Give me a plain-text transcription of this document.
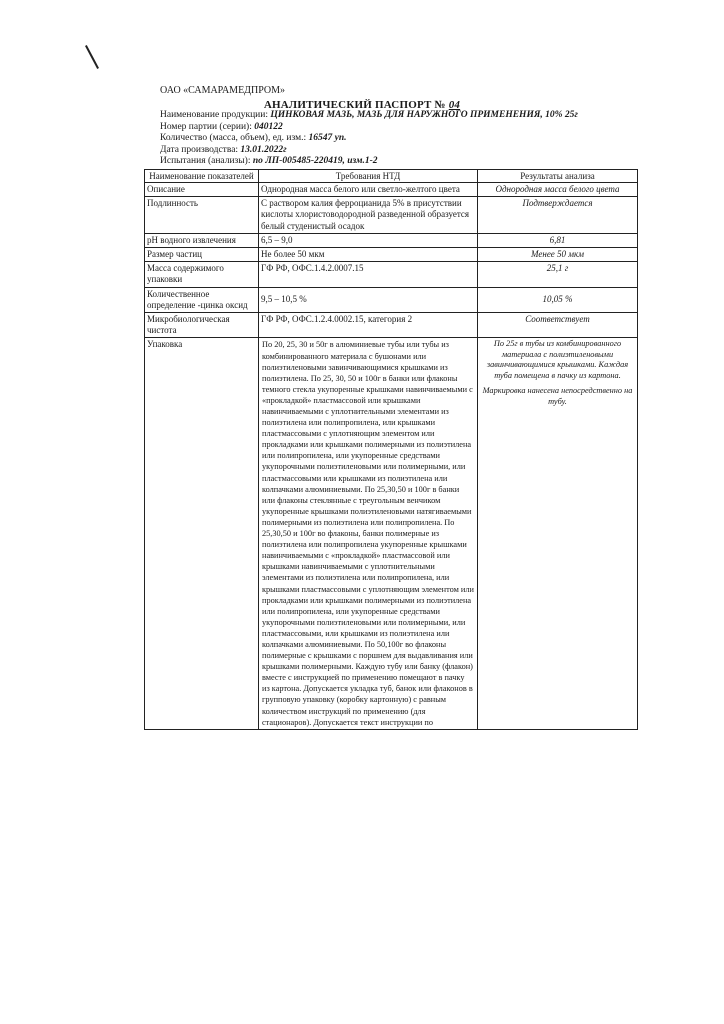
ОАО «САМАРАМЕДПРОМ»
АНАЛИТИЧЕСКИЙ ПАСПОРТ № 04
Наименование продукции: ЦИНКОВАЯ МАЗЬ, МАЗЬ ДЛЯ НАРУЖНОГО ПРИМЕНЕНИЯ, 10% 25г
Номер партии (серии): 040122
Количество (масса, объем), ед. изм.: 16547 уп.
Дата производства: 13.01.2022г
Испытания (анализы): по ЛП-005485-220419, изм.1-2
Наименование показателей	Требования НТД	Результаты анализа
Описание	Однородная масса белого или светло-желтого цвета	Однородная масса белого цвета
Подлинность	С раствором калия ферроцианида 5% в присутствии кислоты хлористоводородной разведенной образуется белый студенистый осадок	Подтверждается
pH водного извлечения	6,5 – 9,0	6,81
Размер частиц	Не более 50 мкм	Менее 50 мкм
Масса содержимого упаковки	ГФ РФ, ОФС.1.4.2.0007.15	25,1 г
Количественное определение -цинка оксид	9,5 – 10,5 %	10,05 %
Микробиологическая чистота	ГФ РФ, ОФС.1.2.4.0002.15, категория 2	Соответствует
Упаковка	По 20, 25, 30 и 50г в алюминиевые тубы или тубы из комбинированного материала с бушонами или полиэтиленовыми завинчивающимися крышками из полиэтилена. По 25, 30, 50 и 100г в банки или флаконы темного стекла укупоренные крышками навинчиваемыми с «прокладкой» пластмассовой или крышками навинчиваемыми с уплотнительными элементами из полиэтилена или полипропилена, или крышками пластмассовыми с уплотняющим элементом или прокладками или крышками полимерными из полиэтилена или полипропилена, или укупоренные средствами укупорочными полиэтиленовыми или полимерными, или пластмассовыми или крышками из полиэтилена или колпачками алюминиевыми. По 25,30,50 и 100г в банки или флаконы стеклянные с треугольным венчиком укупоренные крышками полиэтиленовыми натягиваемыми полимерными из полиэтилена или полипропилена. По 25,30,50 и 100г во флаконы, банки полимерные из полиэтилена или полипропилена укупоренные крышками навинчиваемыми с «прокладкой» пластмассовой или крышками навинчиваемыми с уплотнительными элементами из полиэтилена или полипропилена, или крышками пластмассовыми с уплотняющим элементом или прокладками или крышками полимерными из полиэтилена или полипропилена, или укупоренные средствами укупорочными полиэтиленовыми или полимерными, или пластмассовыми, или крышками из полиэтилена или колпачками алюминиевыми. По 50,100г во флаконы полимерные с крышками с поршнем для выдавливания или крышками полимерными. Каждую тубу или банку (флакон) вместе с инструкцией по применению помещают в пачку из картона. Допускается укладка туб, банок или флаконов в групповую упаковку (коробку картонную) с равным количеством инструкций по применению (для стационаров). Допускается текст инструкции по	По 25г в тубы из комбинированного материала с полиэтиленовыми завинчивающимися крышками. Каждая туба помещена в пачку из картона.
Маркировка нанесена непосредственно на тубу.
